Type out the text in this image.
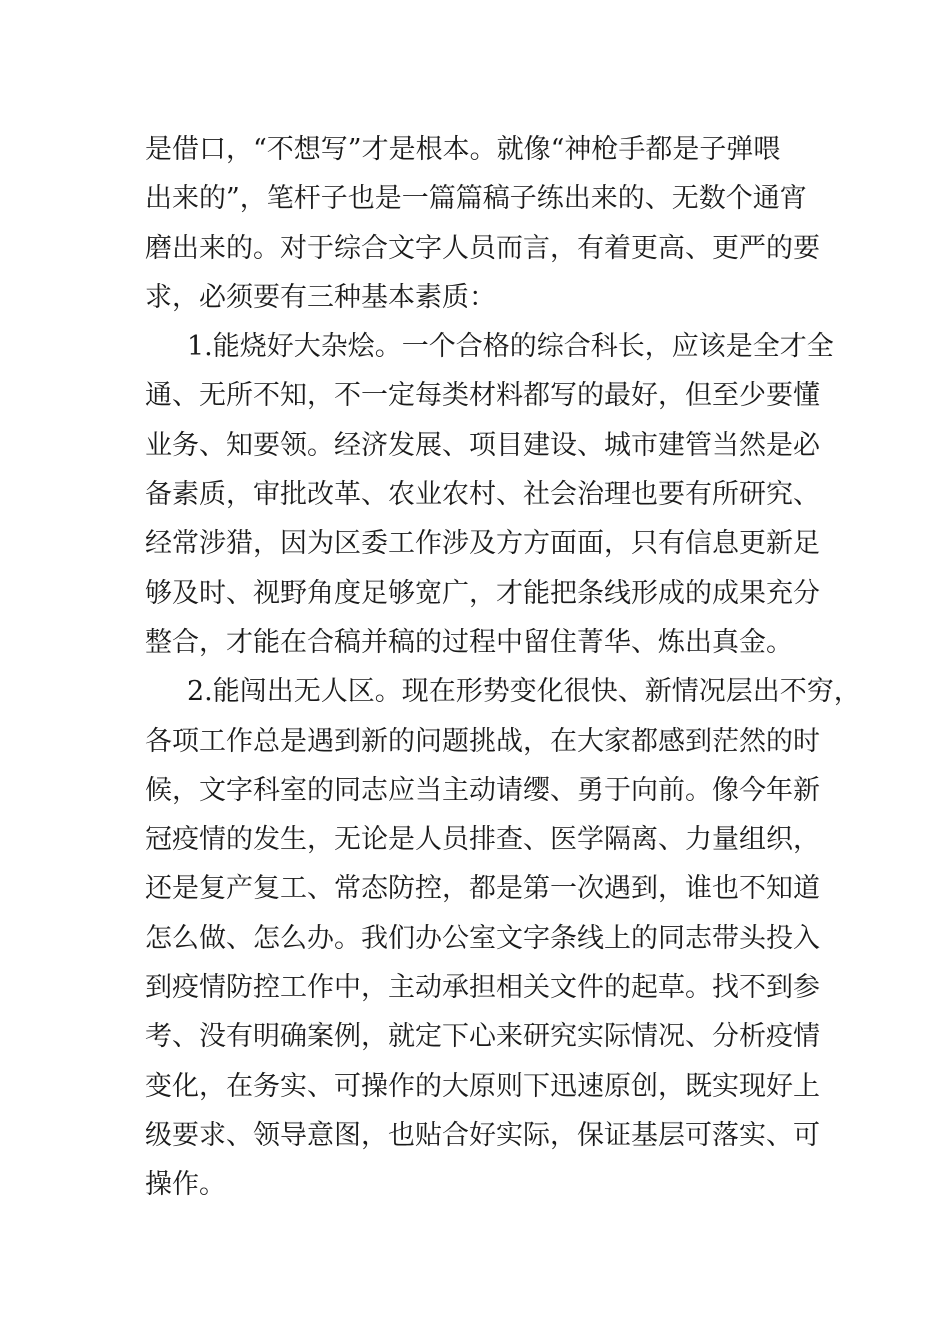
是借口，“不想写”才是根本。就像“神枪手都是子弹喂
出来的”，笔杆子也是一篇篇稿子练出来的、无数个通宵
磨出来的。对于综合文字人员而言，有着更高、更严的要
求，必须要有三种基本素质：
1.能烧好大杂烩。一个合格的综合科长，应该是全才全
通、无所不知，不一定每类材料都写的最好，但至少要懂
业务、知要领。经济发展、项目建设、城市建管当然是必
备素质，审批改革、农业农村、社会治理也要有所研究、
经常涉猎，因为区委工作涉及方方面面，只有信息更新足
够及时、视野角度足够宽广，才能把条线形成的成果充分
整合，才能在合稿并稿的过程中留住菁华、炼出真金。
2.能闯出无人区。现在形势变化很快、新情况层出不穷，
各项工作总是遇到新的问题挑战，在大家都感到茫然的时
候，文字科室的同志应当主动请缨、勇于向前。像今年新
冠疫情的发生，无论是人员排查、医学隔离、力量组织，
还是复产复工、常态防控，都是第一次遇到，谁也不知道
怎么做、怎么办。我们办公室文字条线上的同志带头投入
到疫情防控工作中，主动承担相关文件的起草。找不到参
考、没有明确案例，就定下心来研究实际情况、分析疫情
变化，在务实、可操作的大原则下迅速原创，既实现好上
级要求、领导意图，也贴合好实际，保证基层可落实、可
操作。
